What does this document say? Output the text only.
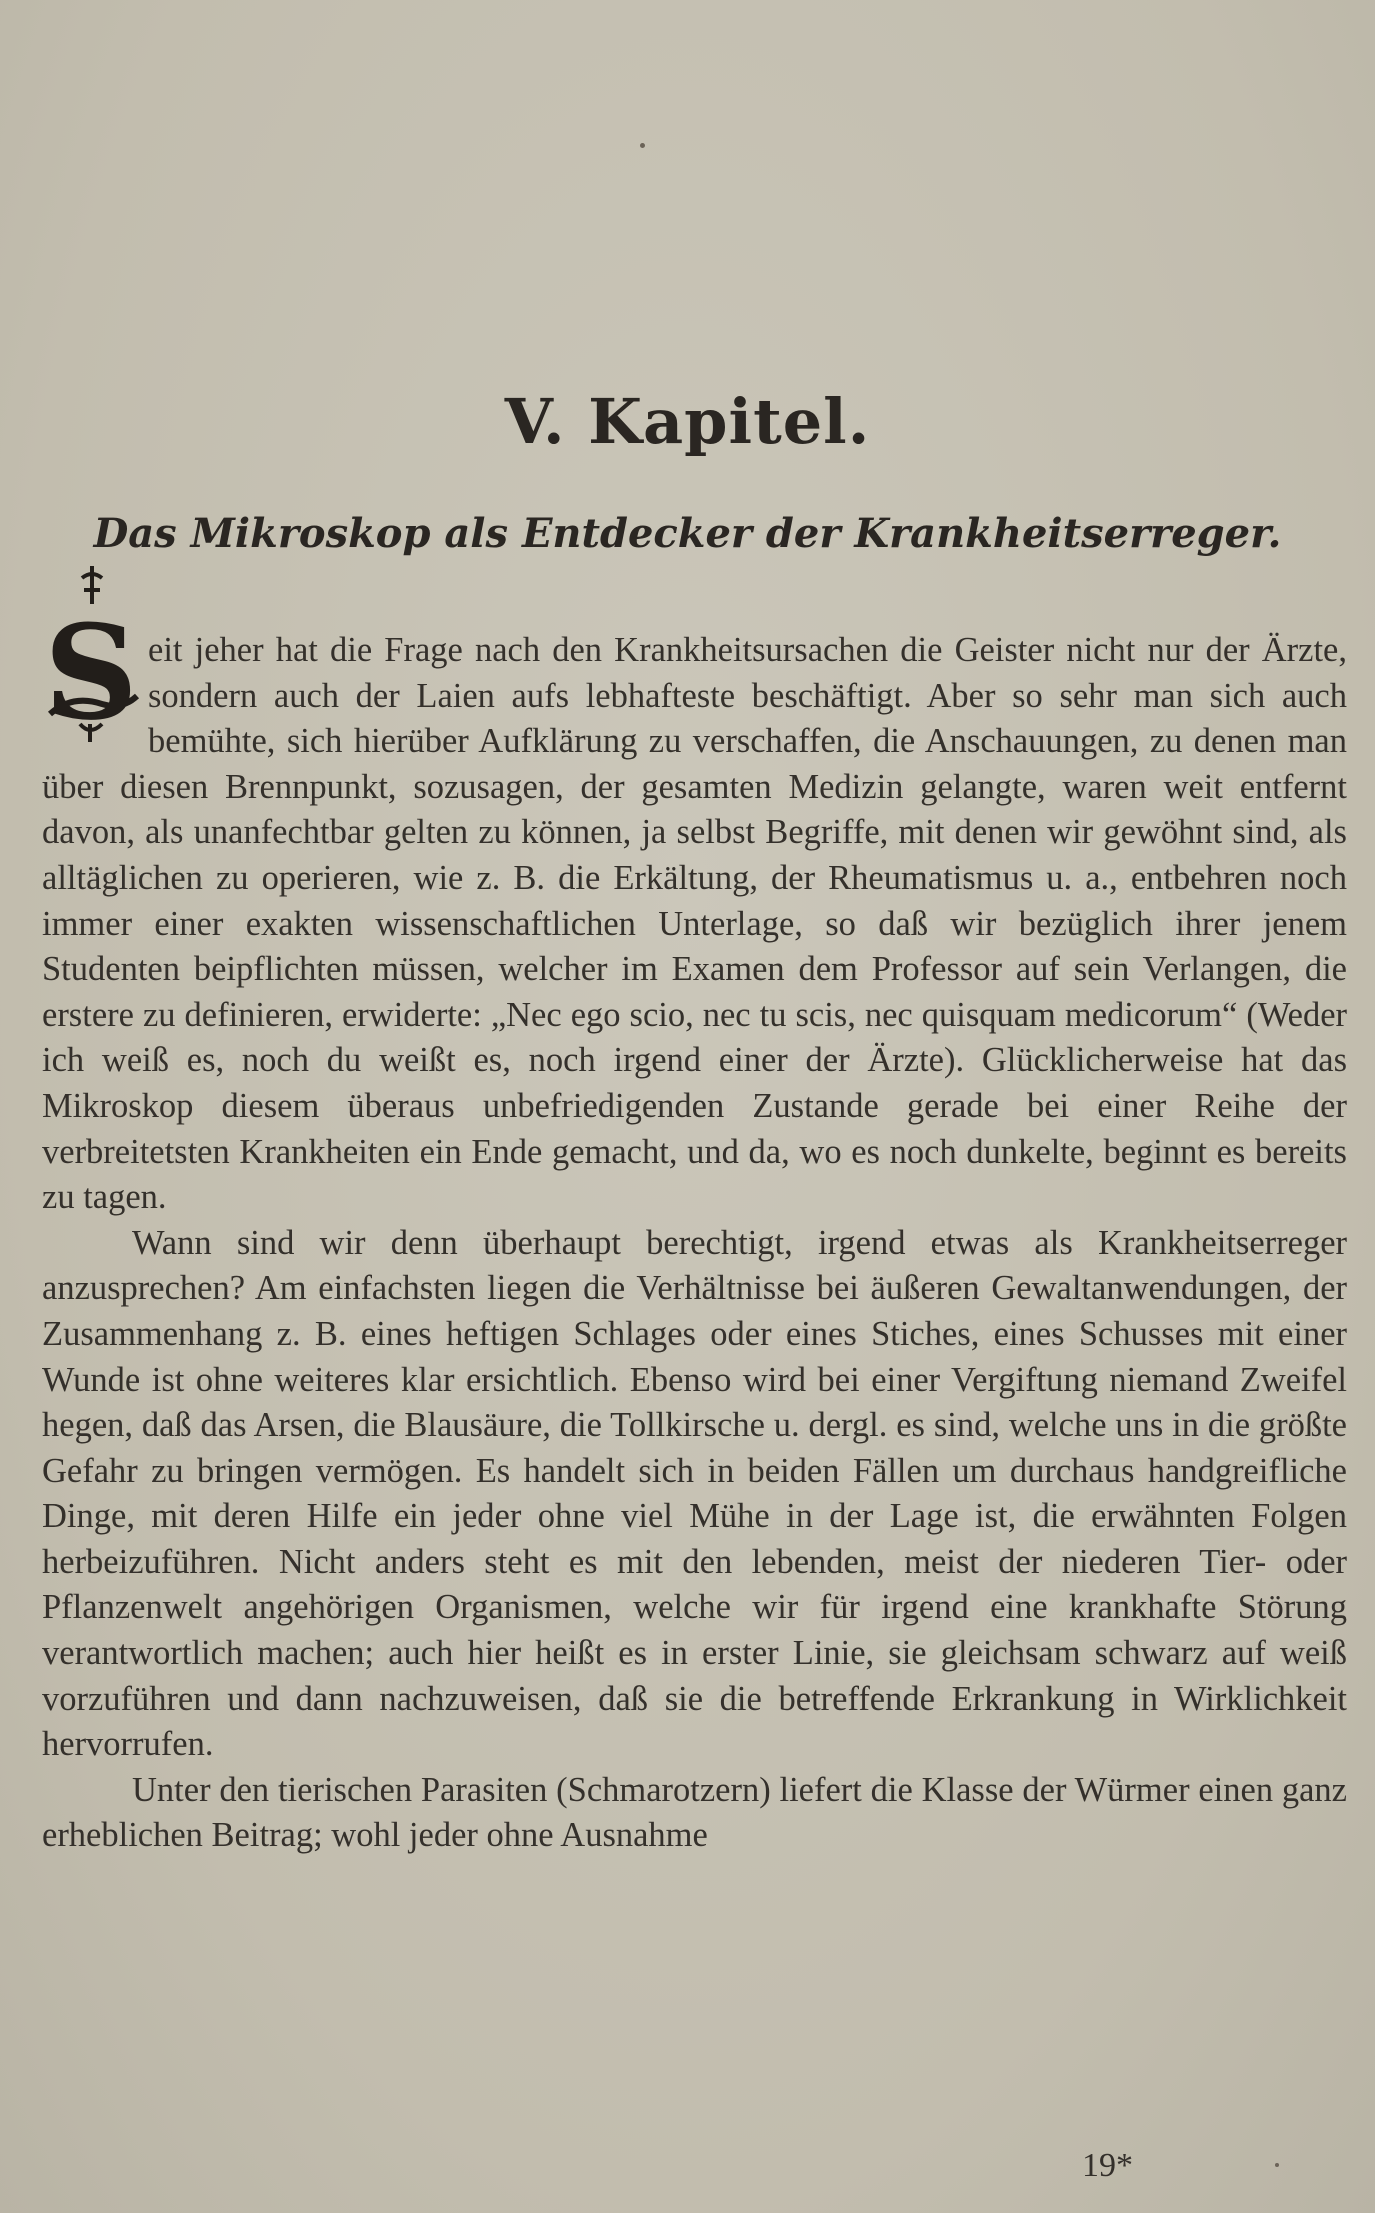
V. Kapitel.
Das Mikroskop als Entdecker der Krankheitserreger.

S eit jeher hat die Frage nach den Krankheitsursachen die Geister nicht nur der Ärzte, sondern auch der Laien aufs lebhafteste beschäftigt. Aber so sehr man sich auch bemühte, sich hierüber Aufklärung zu verschaffen, die Anschauungen, zu denen man über diesen Brennpunkt, sozusagen, der gesamten Medizin gelangte, waren weit entfernt davon, als unanfechtbar gelten zu können, ja selbst Begriffe, mit denen wir gewöhnt sind, als alltäglichen zu operieren, wie z. B. die Erkältung, der Rheumatismus u. a., entbehren noch immer einer exakten wissenschaftlichen Unterlage, so daß wir bezüglich ihrer jenem Studenten beipflichten müssen, welcher im Examen dem Professor auf sein Verlangen, die erstere zu definieren, erwiderte: „Nec ego scio, nec tu scis, nec quisquam medicorum“ (Weder ich weiß es, noch du weißt es, noch irgend einer der Ärzte). Glücklicherweise hat das Mikroskop diesem überaus unbefriedigenden Zustande gerade bei einer Reihe der verbreitetsten Krankheiten ein Ende gemacht, und da, wo es noch dunkelte, beginnt es bereits zu tagen.

Wann sind wir denn überhaupt berechtigt, irgend etwas als Krankheitserreger anzusprechen? Am einfachsten liegen die Verhältnisse bei äußeren Gewaltanwendungen, der Zusammenhang z. B. eines heftigen Schlages oder eines Stiches, eines Schusses mit einer Wunde ist ohne weiteres klar ersichtlich. Ebenso wird bei einer Vergiftung niemand Zweifel hegen, daß das Arsen, die Blausäure, die Tollkirsche u. dergl. es sind, welche uns in die größte Gefahr zu bringen vermögen. Es handelt sich in beiden Fällen um durchaus handgreifliche Dinge, mit deren Hilfe ein jeder ohne viel Mühe in der Lage ist, die erwähnten Folgen herbeizuführen. Nicht anders steht es mit den lebenden, meist der niederen Tier- oder Pflanzenwelt angehörigen Organismen, welche wir für irgend eine krankhafte Störung verantwortlich machen; auch hier heißt es in erster Linie, sie gleichsam schwarz auf weiß vorzuführen und dann nachzuweisen, daß sie die betreffende Erkrankung in Wirklichkeit hervorrufen.

Unter den tierischen Parasiten (Schmarotzern) liefert die Klasse der Würmer einen ganz erheblichen Beitrag; wohl jeder ohne Ausnahme

19*
